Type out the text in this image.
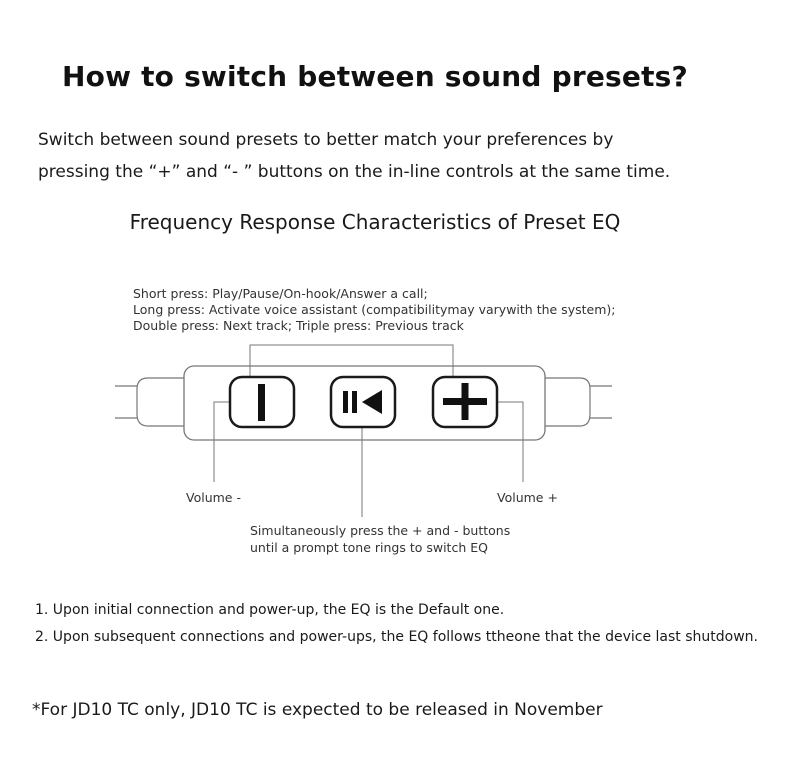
How to switch between sound presets?
Switch between sound presets to better match your preferences by
pressing the “+” and “- ” buttons on the in-line controls at the same time.
Frequency Response Characteristics of Preset EQ
Short press: Play/Pause/On-hook/Answer a call;
Long press: Activate voice assistant (compatibilitymay varywith the system);
Double press: Next track; Triple press: Previous track
Volume -	Volume +
Simultaneously press the + and - buttons
until a prompt tone rings to switch EQ
1. Upon initial connection and power-up, the EQ is the Default one.
2. Upon subsequent connections and power-ups, the EQ follows ttheone that the device last shutdown.
*For JD10 TC only, JD10 TC is expected to be released in November
